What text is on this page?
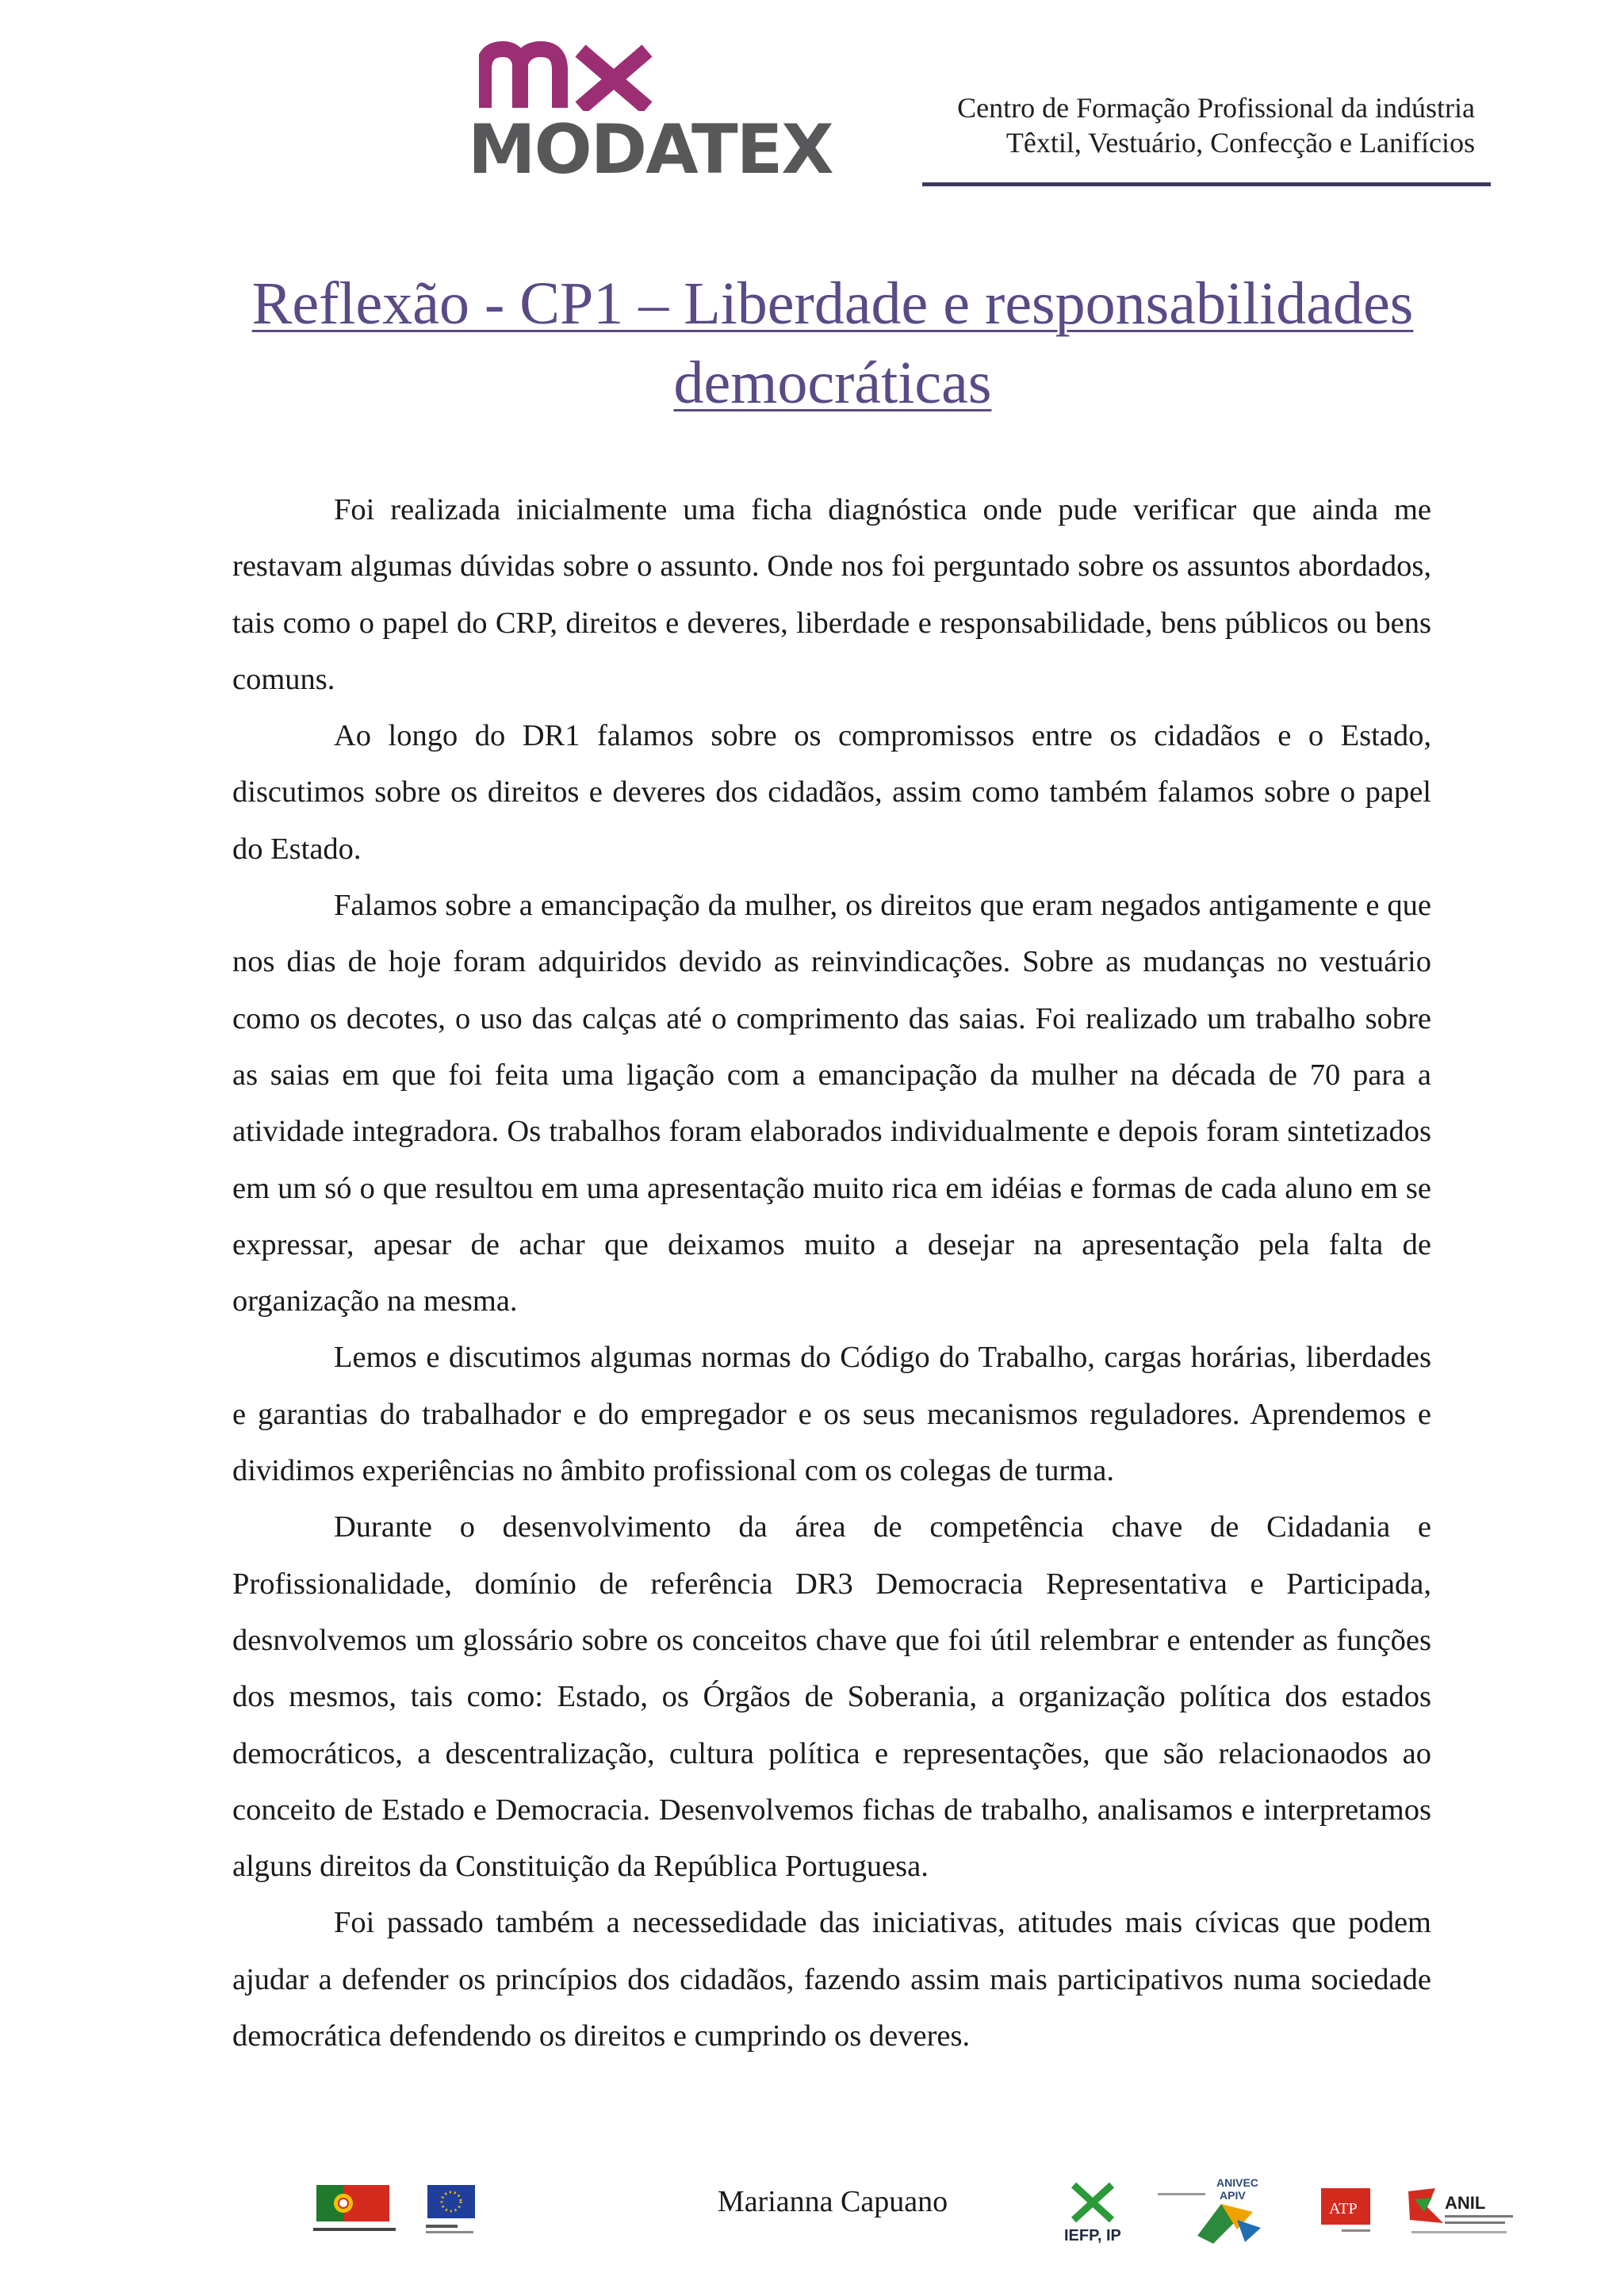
MODATEX
Centro de Formação Profissional da indústria
Têxtil, Vestuário, Confecção e Lanifícios
Reflexão - CP1 – Liberdade e responsabilidades democráticas

Foi realizada inicialmente uma ficha diagnóstica onde pude verificar que ainda me restavam algumas dúvidas sobre o assunto. Onde nos foi perguntado sobre os assuntos abordados, tais como o papel do CRP, direitos e deveres, liberdade e responsabilidade, bens públicos ou bens comuns.

Ao longo do DR1 falamos sobre os compromissos entre os cidadãos e o Estado, discutimos sobre os direitos e deveres dos cidadãos, assim como também falamos sobre o papel do Estado.

Falamos sobre a emancipação da mulher, os direitos que eram negados antigamente e que nos dias de hoje foram adquiridos devido as reinvindicações. Sobre as mudanças no vestuário como os decotes, o uso das calças até o comprimento das saias. Foi realizado um trabalho sobre as saias em que foi feita uma ligação com a emancipação da mulher na década de 70 para a atividade integradora. Os trabalhos foram elaborados individualmente e depois foram sintetizados em um só o que resultou em uma apresentação muito rica em idéias e formas de cada aluno em se expressar, apesar de achar que deixamos muito a desejar na apresentação pela falta de organização na mesma.

Lemos e discutimos algumas normas do Código do Trabalho, cargas horárias, liberdades e garantias do trabalhador e do empregador e os seus mecanismos reguladores. Aprendemos e dividimos experiências no âmbito profissional com os colegas de turma.

Durante o desenvolvimento da área de competência chave de Cidadania e Profissionalidade, domínio de referência DR3 Democracia Representativa e Participada, desnvolvemos um glossário sobre os conceitos chave que foi útil relembrar e entender as funções dos mesmos, tais como: Estado, os Órgãos de Soberania, a organização política dos estados democráticos, a descentralização, cultura política e representações, que são relacionaodos ao conceito de Estado e Democracia. Desenvolvemos fichas de trabalho, analisamos e interpretamos alguns direitos da Constituição da República Portuguesa.

Foi passado também a necessedidade das iniciativas, atitudes mais cívicas que podem ajudar a defender os princípios dos cidadãos, fazendo assim mais participativos numa sociedade democrática defendendo os direitos e cumprindo os deveres.

Marianna Capuano
IEFP, IP
ANIVEC
APIV
ATP	ANIL
